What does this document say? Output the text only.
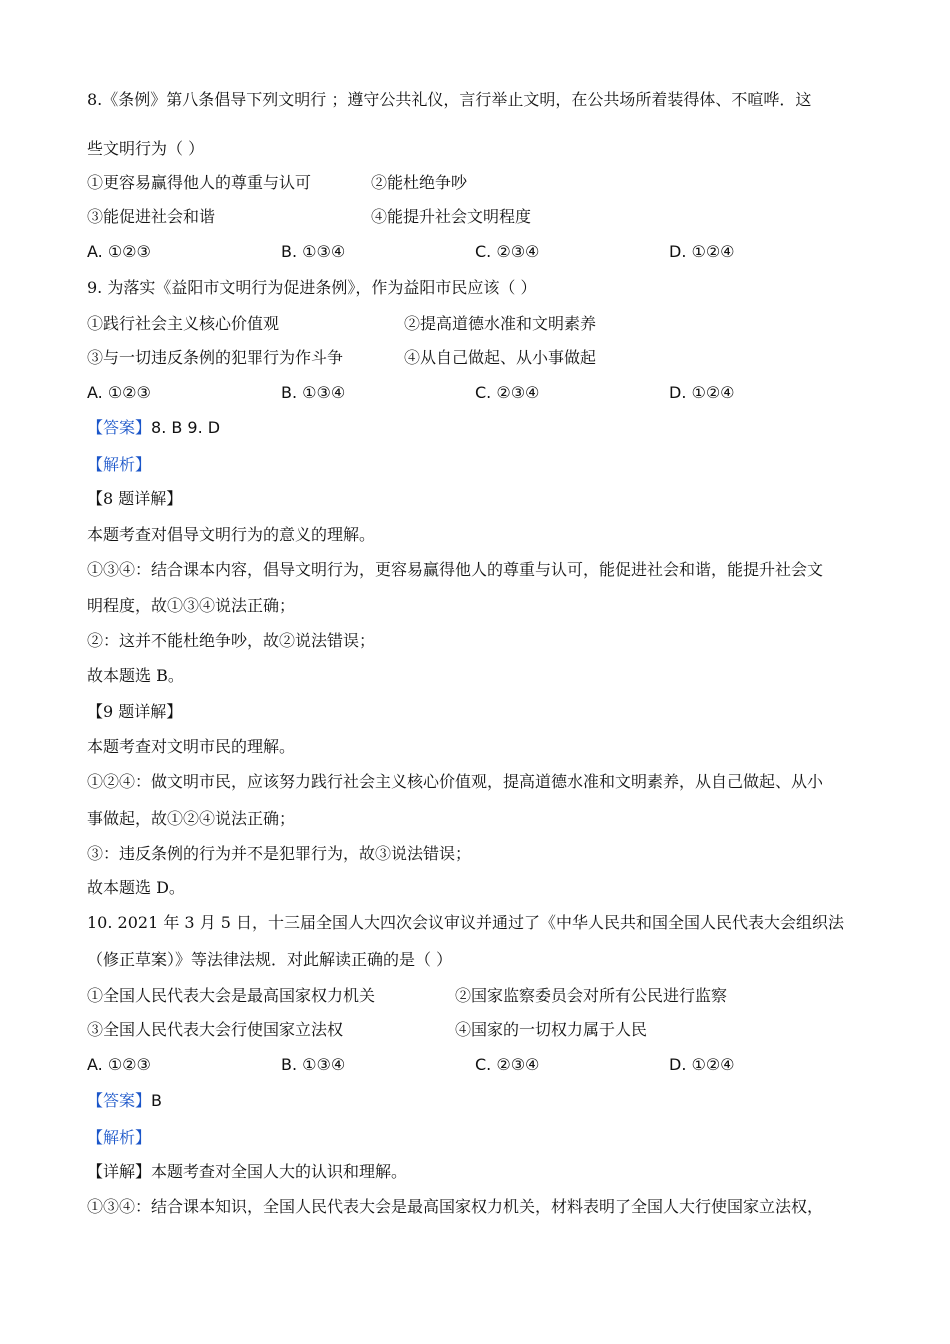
8.《条例》第八条倡导下列文明行 ；遵守公共礼仪，言行举止文明，在公共场所着装得体、不喧哗．这
些文明行为（ ）
①更容易赢得他人的尊重与认可	②能杜绝争吵
③能促进社会和谐	④能提升社会文明程度
A. ①②③	B. ①③④	C. ②③④	D. ①②④
9. 为落实《益阳市文明行为促进条例》，作为益阳市民应该（ ）
①践行社会主义核心价值观	②提高道德水准和文明素养
③与一切违反条例的犯罪行为作斗争	④从自己做起、从小事做起
A. ①②③	B. ①③④	C. ②③④	D. ①②④
【答案】8. B 9. D
【解析】
【8 题详解】
本题考查对倡导文明行为的意义的理解。
①③④：结合课本内容，倡导文明行为，更容易赢得他人的尊重与认可，能促进社会和谐，能提升社会文
明程度，故①③④说法正确；
②：这并不能杜绝争吵，故②说法错误；
故本题选 B。
【9 题详解】
本题考查对文明市民的理解。
①②④：做文明市民，应该努力践行社会主义核心价值观，提高道德水准和文明素养，从自己做起、从小
事做起，故①②④说法正确；
③：违反条例的行为并不是犯罪行为，故③说法错误；
故本题选 D。
10. 2021 年 3 月 5 日，十三届全国人大四次会议审议并通过了《中华人民共和国全国人民代表大会组织法
（修正草案）》等法律法规．对此解读正确的是（ ）
①全国人民代表大会是最高国家权力机关	②国家监察委员会对所有公民进行监察
③全国人民代表大会行使国家立法权	④国家的一切权力属于人民
A. ①②③	B. ①③④	C. ②③④	D. ①②④
【答案】B
【解析】
【详解】本题考查对全国人大的认识和理解。
①③④：结合课本知识，全国人民代表大会是最高国家权力机关，材料表明了全国人大行使国家立法权，
